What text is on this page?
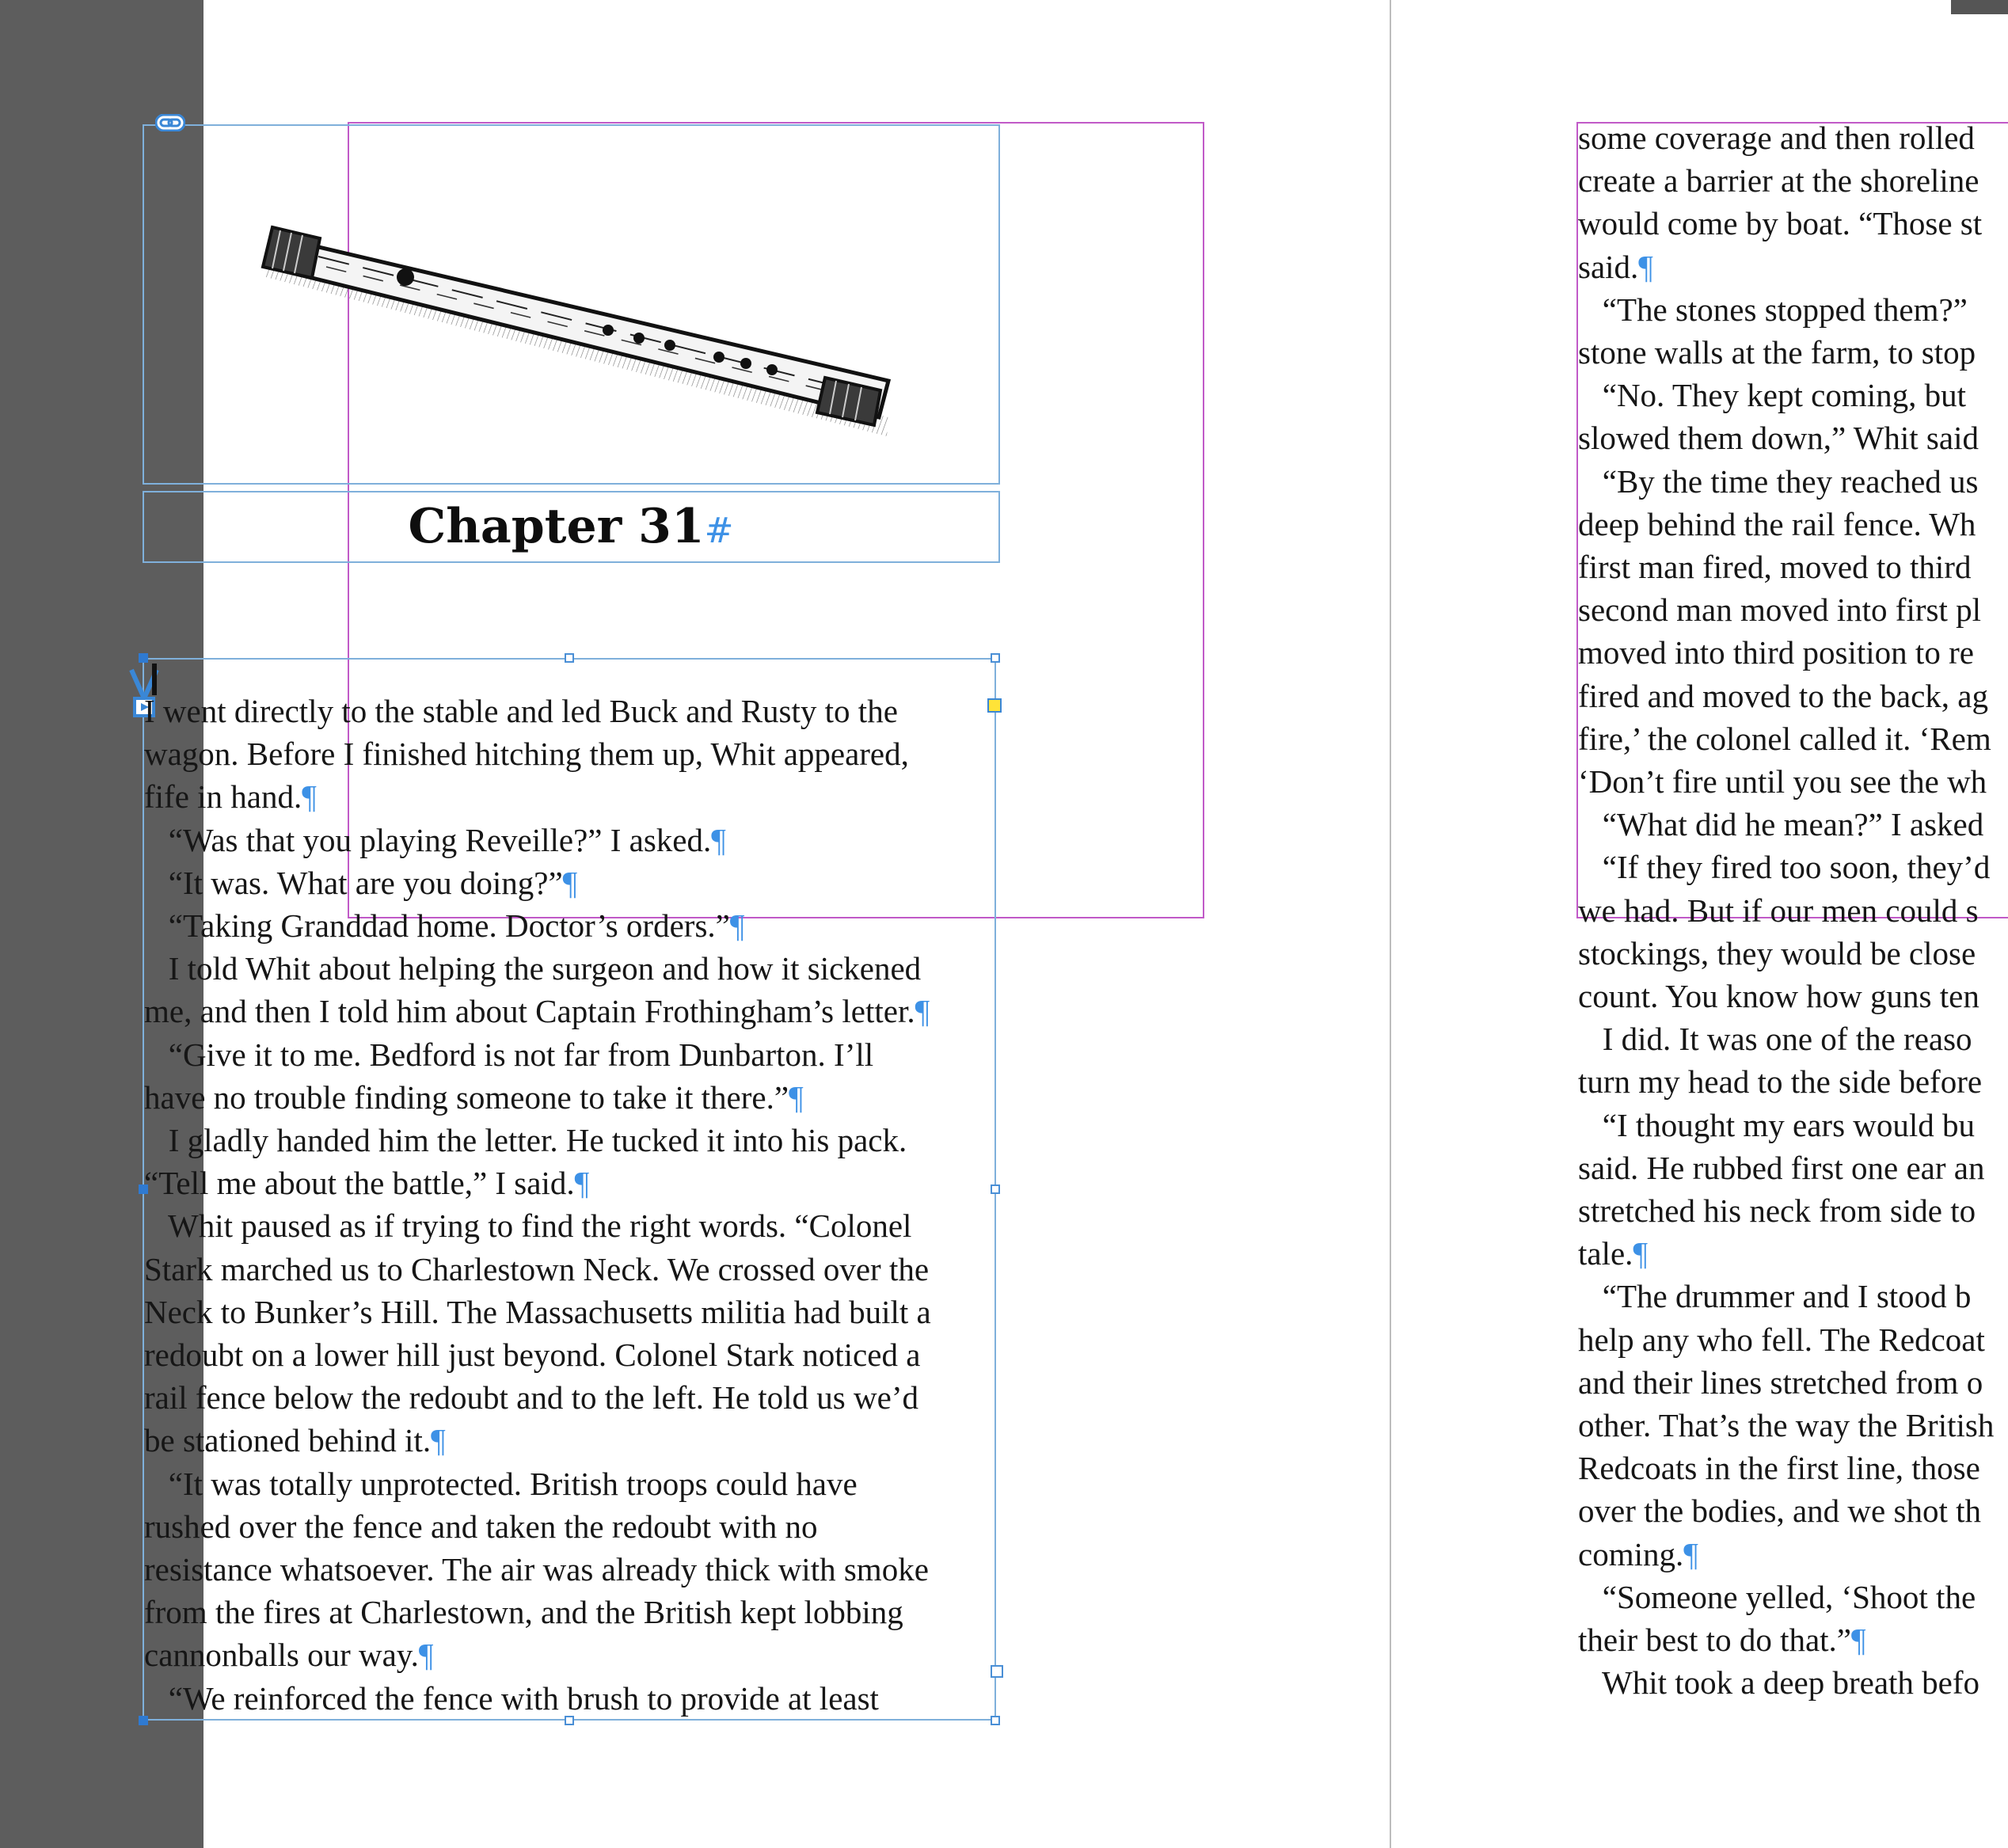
Chapter 31#
I went directly to the stable and led Buck and Rusty to the
wagon. Before I finished hitching them up, Whit appeared,
fife in hand.¶
“Was that you playing Reveille?” I asked.¶
“It was. What are you doing?”¶
“Taking Granddad home. Doctor’s orders.”¶
I told Whit about helping the surgeon and how it sickened
me, and then I told him about Captain Frothingham’s letter.¶
“Give it to me. Bedford is not far from Dunbarton. I’ll
have no trouble finding someone to take it there.”¶
I gladly handed him the letter. He tucked it into his pack.
“Tell me about the battle,” I said.¶
Whit paused as if trying to find the right words. “Colonel
Stark marched us to Charlestown Neck. We crossed over the
Neck to Bunker’s Hill. The Massachusetts militia had built a
redoubt on a lower hill just beyond. Colonel Stark noticed a
rail fence below the redoubt and to the left. He told us we’d
be stationed behind it.¶
“It was totally unprotected. British troops could have
rushed over the fence and taken the redoubt with no
resistance whatsoever. The air was already thick with smoke
from the fires at Charlestown, and the British kept lobbing
cannonballs our way.¶
“We reinforced the fence with brush to provide at least
some coverage and then rolled
create a barrier at the shoreline
would come by boat. “Those st
said.¶
“The stones stopped them?”
stone walls at the farm, to stop
“No. They kept coming, but
slowed them down,” Whit said
“By the time they reached us
deep behind the rail fence. Wh
first man fired, moved to third
second man moved into first pl
moved into third position to re
fired and moved to the back, ag
fire,’ the colonel called it. ‘Rem
‘Don’t fire until you see the wh
“What did he mean?” I asked
“If they fired too soon, they’d
we had. But if our men could s
stockings, they would be close
count. You know how guns ten
I did. It was one of the reaso
turn my head to the side before
“I thought my ears would bu
said. He rubbed first one ear an
stretched his neck from side to
tale.¶
“The drummer and I stood b
help any who fell. The Redcoat
and their lines stretched from o
other. That’s the way the British
Redcoats in the first line, those
over the bodies, and we shot th
coming.¶
“Someone yelled, ‘Shoot the
their best to do that.”¶
Whit took a deep breath befo
